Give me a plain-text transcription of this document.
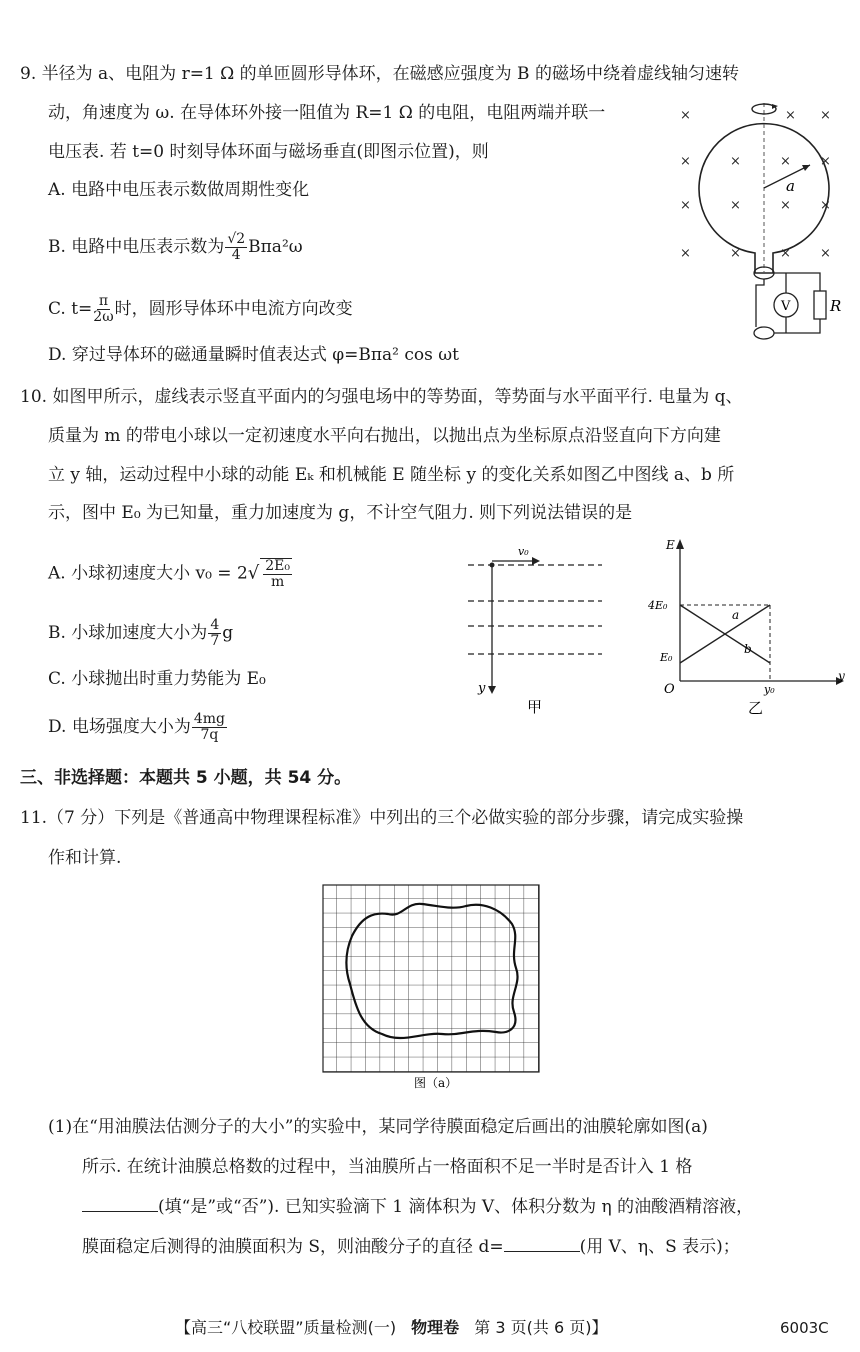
9. 半径为 a、电阻为 r=1 Ω 的单匝圆形导体环，在磁感应强度为 B 的磁场中绕着虚线轴匀速转
动，角速度为 ω. 在导体环外接一阻值为 R=1 Ω 的电阻，电阻两端并联一
电压表. 若 t=0 时刻导体环面与磁场垂直(即图示位置)，则
A. 电路中电压表示数做周期性变化
B. 电路中电压表示数为 $\frac{√2}{4} B\pi a^2\omega$
C. $t= \frac{\pi}{2\omega}$ 时，圆形导体环中电流方向改变
D. 穿过导体环的磁通量瞬时值表达式 φ=Bπa² cos ωt
×	× ×
×	×	× ×
×	×	× ×
×	×	× ×
a
V	R
10. 如图甲所示，虚线表示竖直平面内的匀强电场中的等势面，等势面与水平面平行. 电量为 q、
质量为 m 的带电小球以一定初速度水平向右抛出，以抛出点为坐标原点沿竖直向下方向建
立 y 轴，运动过程中小球的动能 Eₖ 和机械能 E 随坐标 y 的变化关系如图乙中图线 a、b 所
示，图中 E₀ 为已知量，重力加速度为 g，不计空气阻力. 则下列说法错误的是
A. 小球初速度大小 $v_0 = 2√ \frac{\text{2E₀}}{m}$
B. 小球加速度大小为 $\frac{4}{7}$ g
C. 小球抛出时重力势能为 E₀
D. 电场强度大小为 $\frac{4mg}{7q}$
v₀
y
甲
E
y
O
4E₀
E₀
y₀
a
b
乙
三、非选择题：本题共 5 小题，共 54 分。
11.（7 分）下列是《普通高中物理课程标准》中列出的三个必做实验的部分步骤，请完成实验操
作和计算.
图（a）
(1)在“用油膜法估测分子的大小”的实验中，某同学待膜面稳定后画出的油膜轮廓如图(a)
所示. 在统计油膜总格数的过程中，当油膜所占一格面积不足一半时是否计入 1 格
(填“是”或“否”). 已知实验滴下 1 滴体积为 V、体积分数为 η 的油酸酒精溶液，
膜面稳定后测得的油膜面积为 S，则油酸分子的直径 d=	(用 V、η、S 表示)；
【高三“八校联盟”质量检测(一) 物理卷 第 3 页(共 6 页)】	6003C
